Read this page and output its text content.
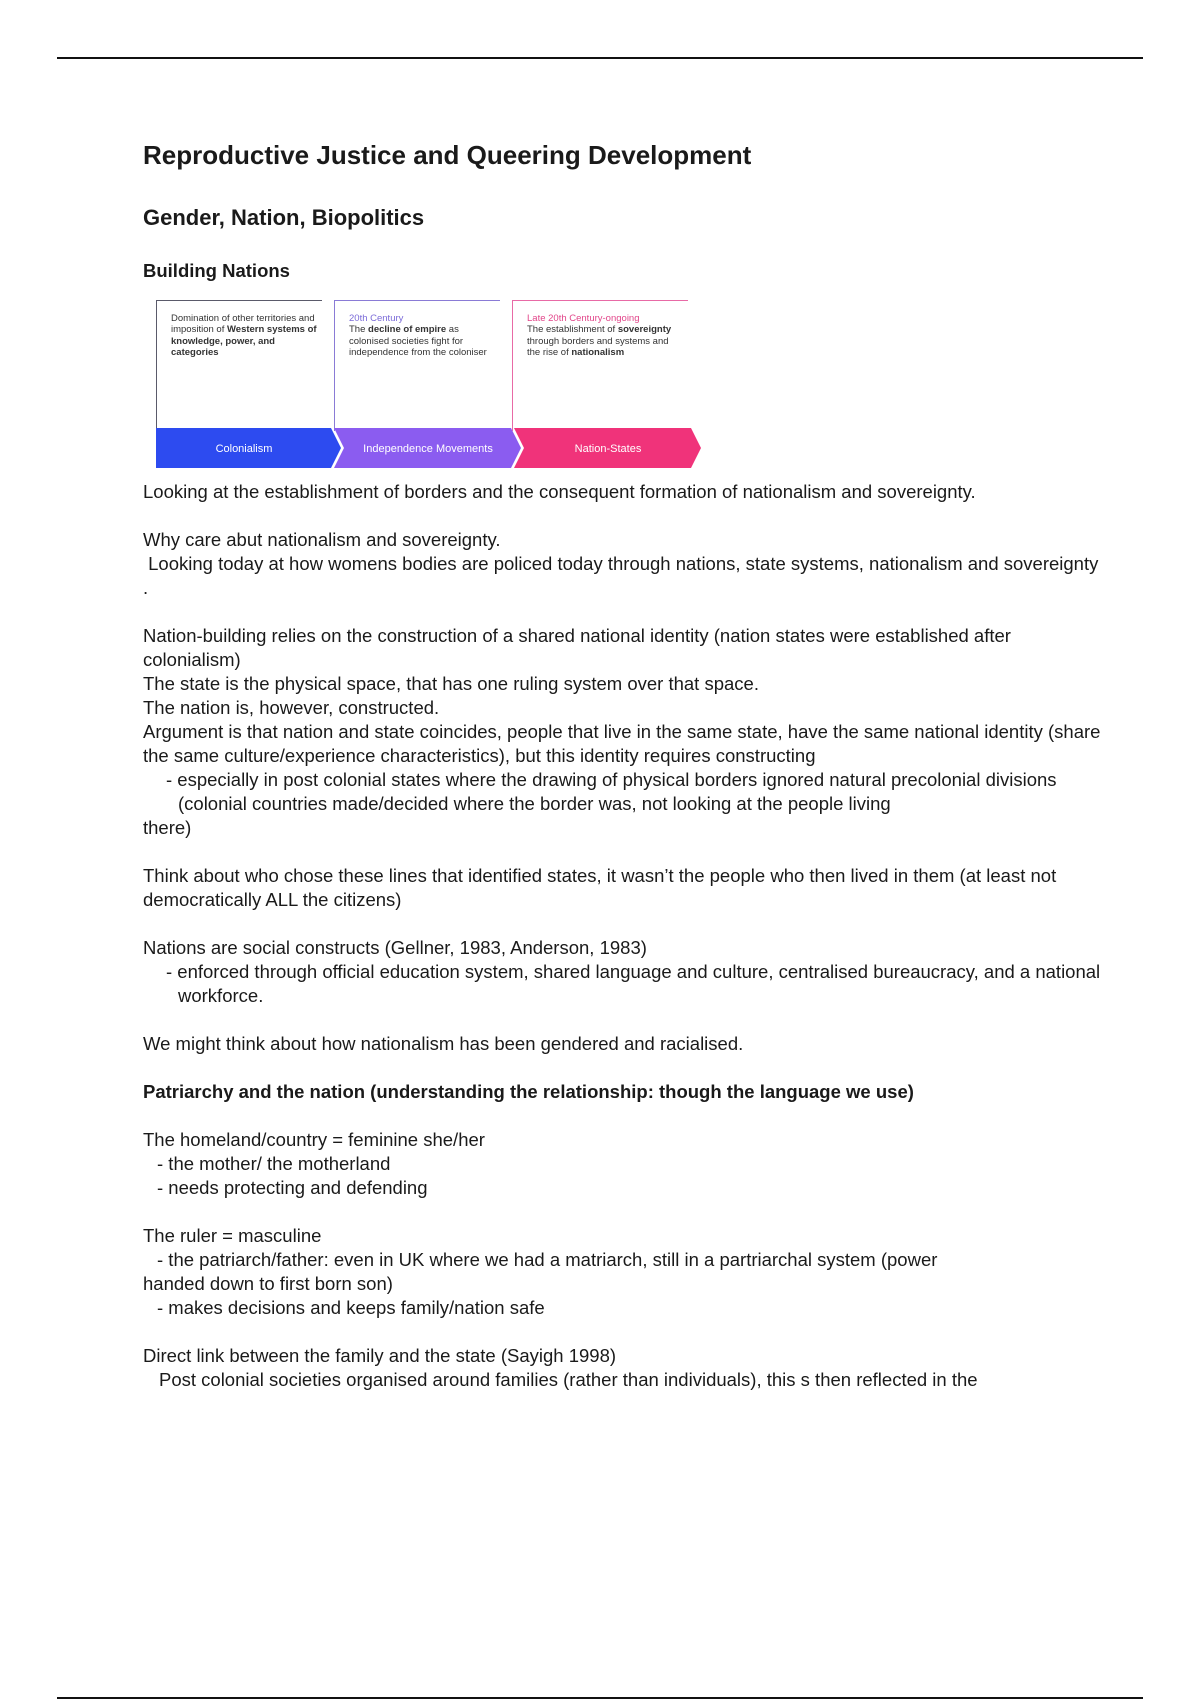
Reproductive Justice and Queering Development
Gender, Nation, Biopolitics
Building Nations
Domination of other territories and imposition of Western systems of knowledge, power, and categories
20th Century
The decline of empire as colonised societies fight for independence from the coloniser
Late 20th Century-ongoing
The establishment of sovereignty through borders and systems and the rise of nationalism
Colonialism	Independence Movements	Nation-States

Looking at the establishment of borders and the consequent formation of nationalism and sovereignty.

Why care abut nationalism and sovereignty.

Looking today at how womens bodies are policed today through nations, state systems, nationalism and sovereignty .

Nation-building relies on the construction of a shared national identity (nation states were established after colonialism)

The state is the physical space, that has one ruling system over that space.

The nation is, however, constructed.

Argument is that nation and state coincides, people that live in the same state, have the same national identity (share the same culture/experience characteristics), but this identity requires constructing

- especially in post colonial states where the drawing of physical borders ignored natural precolonial divisions (colonial countries made/decided where the border was, not looking at the people living

there)

Think about who chose these lines that identified states, it wasn’t the people who then lived in them (at least not democratically ALL the citizens)

Nations are social constructs (Gellner, 1983, Anderson, 1983)

- enforced through official education system, shared language and culture, centralised bureaucracy, and a national workforce.

We might think about how nationalism has been gendered and racialised.

Patriarchy and the nation (understanding the relationship: though the language we use)

The homeland/country = feminine she/her

- the mother/ the motherland

- needs protecting and defending

The ruler = masculine

- the patriarch/father: even in UK where we had a matriarch, still in a partriarchal system (power

handed down to first born son)

- makes decisions and keeps family/nation safe

Direct link between the family and the state (Sayigh 1998)

Post colonial societies organised around families (rather than individuals), this s then reflected in the
